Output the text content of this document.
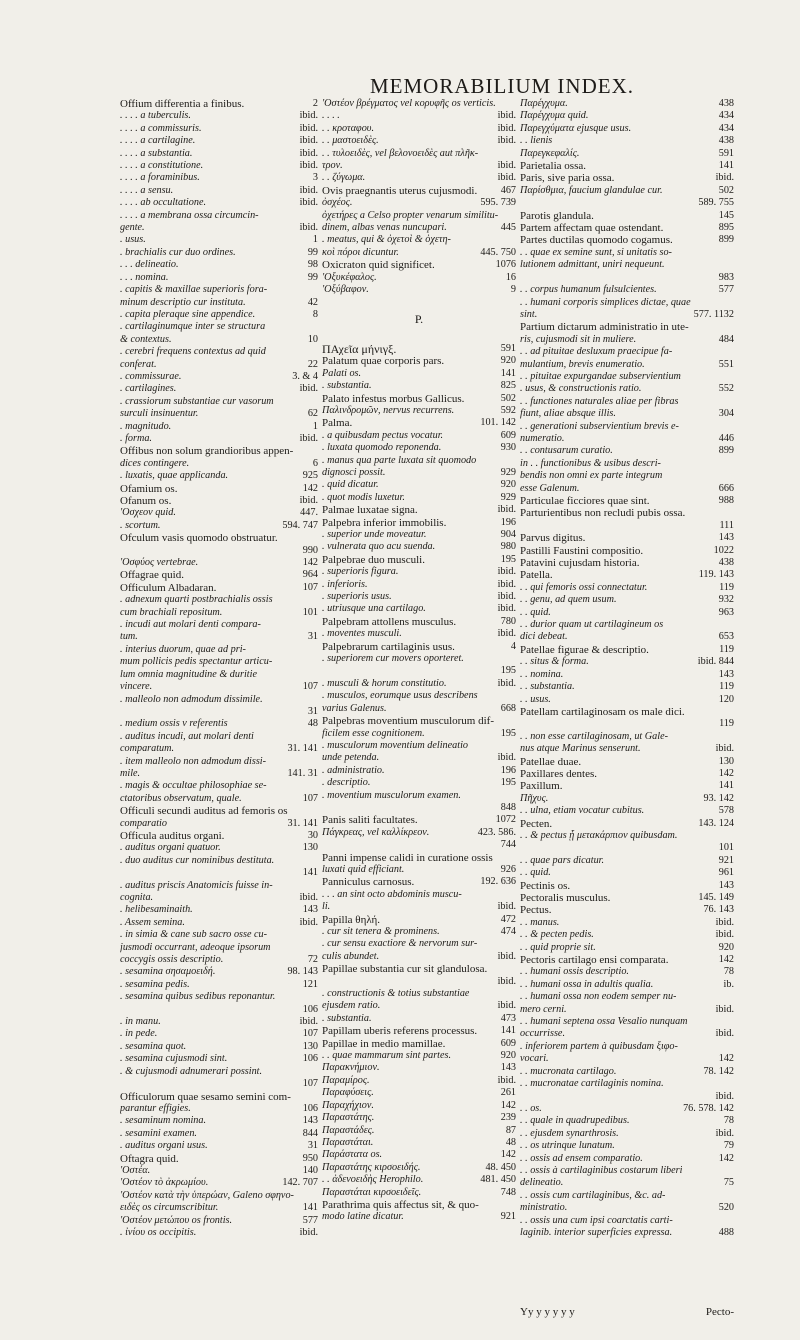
MEMORABILIUM INDEX.
Offium differentia a finibus.	2
. . . . a tuberculis.	ibid.
. . . . a commissuris.	ibid.
. . . . a cartilagine.	ibid.
. . . . a substantia.	ibid.
. . . . a constitutione.	ibid.
. . . . a foraminibus.	3
. . . . a sensu.	ibid.
. . . . ab occultatione.	ibid.
. . . . a membrana ossa circumcin-
gente.	ibid.
. usus.	1
. brachialis cur duo ordines.	99
. . . delineatio.	98
. . . nomina.	99
. capitis & maxillae superioris fora-
minum descriptio cur instituta.	42
. capita pleraque sine appendice.	8
. cartilaginumque inter se structura
& contextus.	10
. cerebri frequens contextus ad quid
conferat.	22
. commissurae.	3. & 4
. cartilagines.	ibid.
. crassiorum substantiae cur vasorum
surculi insinuentur.	62
. magnitudo.	1
. forma.	ibid.
Offibus non solum grandioribus appen-
dices contingere.	6
. luxatis, quae applicanda.	925
Ofamium os.	142
Ofanum os.	ibid.
'Οσχεον quid.	447.
. scortum.	594. 747
Ofculum vasis quomodo obstruatur.
990
'Οσφύος vertebrae.	142
Offagrae quid.	964
Officulum Albadaran.	107
. adnexum quarti postbrachialis ossis
cum brachiali repositum.	101
. incudi aut molari denti compara-
tum.	31
. interius duorum, quae ad pri-
mum pollicis pedis spectantur articu-
lum omnia magnitudine & duritie
vincere.	107
. malleolo non admodum dissimile.
31
. medium ossis v referentis	48
. auditus incudi, aut molari denti
comparatum.	31. 141
. item malleolo non admodum dissi-
mile.	141. 31
. magis & occultae philosophiae se-
ctatoribus observatum, quale.	107
Officuli secundi auditus ad femoris os
comparatio	31. 141
Officula auditus organi.	30
. auditus organi quatuor.	130
. duo auditus cur nominibus destituta.
141
. auditus priscis Anatomicis fuisse in-
cognita.	ibid.
. helibesaminaith.	143
. Assem semina.	ibid.
. in simia & cane sub sacro osse cu-
jusmodi occurrant, adeoque ipsorum
coccygis ossis descriptio.	72
. sesamina σησαμοειδή.	98. 143
. sesamina pedis.	121
. sesamina quibus sedibus reponantur.
106
. in manu.	ibid.
. in pede.	107
. sesamina quot.	130
. sesamina cujusmodi sint.	106
. & cujusmodi adnumerari possint.
107
Officulorum quae sesamo semini com-
parantur effigies.	106
. sesaminum nomina.	143
. sesamini examen.	844
. auditus organi usus.	31
Oftagra quid.	950
'Οστέα.	140
'Οστέον τὸ ἀκρωμίου.	142. 707
'Οστέον κατὰ τὴν ὑπερώαν, Galeno σφηνο-
ειδὲς os circumscribitur.	141
'Οστέον μετώπου os frontis.	577
. ἰνίου os occipitis.	ibid.
'Οστέον βρέγματος vel κορυφῆς os verticis.
. . . .	ibid.
. . κροταφου.	ibid.
. . μαστοειδὲς.	ibid.
. . τυλοειδὲς, vel βελονοειδὲς aut πλῆκ-
τρον.	ibid.
. . ζύγωμα.	ibid.
Ovis praegnantis uterus cujusmodi.	467
ὀσχέος.	595. 739
ὀχετήρες a Celso propter venarum similitu-
dinem, albas venas nuncupari.	445
. meatus, qui & ὀχετοὶ & ὀχετη-
κοὶ πόροι dicuntur.	445. 750
Oxicraton quid significet.	1076
'Οξυκέφαλος.	16
'Οξύβαφον.	9
P.
ΠΑχεῖα μήνιγξ.	591
Palatum quae corporis pars.	920
Palati os.	141
. substantia.	825
Palato infestus morbus Gallicus.	502
Παλινδρομῶν, nervus recurrens.	592
Palma.	101. 142
. a quibusdam pectus vocatur.	609
. luxata quomodo reponenda.	930
. manus qua parte luxata sit quomodo
dignosci possit.	929
. quid dicatur.	920
. quot modis luxetur.	929
Palmae luxatae signa.	ibid.
Palpebra inferior immobilis.	196
. superior unde moveatur.	904
. vulnerata quo acu suenda.	980
Palpebrae duo musculi.	195
. superioris figura.	ibid.
. inferioris.	ibid.
. superioris usus.	ibid.
. utriusque una cartilago.	ibid.
Palpebram attollens musculus.	780
. moventes musculi.	ibid.
Palpebrarum cartilaginis usus.	4
. superiorem cur movers oporteret.
195
. musculi & horum constitutio.	ibid.
. musculos, eorumque usus describens
varius Galenus.	668
Palpebras moventium musculorum dif-
ficilem esse cognitionem.	195
. musculorum moventium delineatio
unde petenda.	ibid.
. administratio.	196
. descriptio.	195
. moventium musculorum examen.
848
Panis saliti facultates.	1072
Πάγκρεας, vel καλλίκρεον.	423. 586.
744
Panni impense calidi in curatione ossis
luxati quid efficiant.	926
Panniculus carnosus.	192. 636
. . . an sint octo abdominis muscu-
li.	ibid.
Papilla θηλή.	472
. cur sit tenera & prominens.	474
. cur sensu exactiore & nervorum sur-
culis abundet.	ibid.
Papillae substantia cur sit glandulosa.
ibid.
. constructionis & totius substantiae
ejusdem ratio.	ibid.
. substantia.	473
Papillam uberis referens processus.	141
Papillae in medio mamillae.	609
. . quae mammarum sint partes.	920
Παρακνήμιον.	143
Παραμίρος.	ibid.
Παραφύσεις.	261
Παραχήχιον.	142
Παραστάτης.	239
Παραστάδες.	87
Παραστάται.	48
Παράστατα os.	142
Παραστάτης κιρσοειδής.	48. 450
. . ἀδενοειδὴς Herophilo.	481. 450
Παραστάται κιρσοειδεῖς.	748
Parathrima quis affectus sit, & quo-
modo latine dicatur.	921
Παρέγχυμα.	438
Παρέγχυμα quid.	434
Παρεγχύματα ejusque usus.	434
. . lienis	438
Παρεγκεφαλίς.	591
Parietalia ossa.	141
Paris, sive paria ossa.	ibid.
Παρίσθμια, faucium glandulae cur.	502
589. 755
Parotis glandula.	145
Partem affectam quae ostendant.	895
Partes ductilas quomodo cogamus.	899
. . quae ex semine sunt, si unitatis so-
lutionem admittant, uniri nequeunt.
983
. . corpus humanum fulsulcientes.	577
. . humani corporis simplices dictae, quae
sint.	577. 1132
Partium dictarum administratio in ute-
ris, cujusmodi sit in muliere.	484
. . ad pituitae desluxum praecipue fa-
mulantium, brevis enumeratio.	551
. . pituitae expurgandae subservientium
. usus, & constructionis ratio.	552
. . functiones naturales aliae per fibras
fiunt, aliae absque illis.	304
. . generationi subservientium brevis e-
numeratio.	446
. . contusarum curatio.	899
in . . functionibus & usibus descri-
bendis non omni ex parte integrum
esse Galenum.	666
Particulae ficciores quae sint.	988
Parturientibus non recludi pubis ossa.
111
Parvus digitus.	143
Pastilli Faustini compositio.	1022
Patavini cujusdam historia.	438
Patella.	119. 143
. . qui femoris ossi connectatur.	119
. . genu, ad quem usum.	932
. . quid.	963
. . durior quam ut cartilagineum os
dici debeat.	653
Patellae figurae & descriptio.	119
. . situs & forma.	ibid. 844
. . nomina.	143
. . substantia.	119
. . usus.	120
Patellam cartilaginosam os male dici.
119
. . non esse cartilaginosam, ut Gale-
nus atque Marinus senserunt.	ibid.
Patellae duae.	130
Paxillares dentes.	142
Paxillum.	141
Πῆχυς.	93. 142
. . ulna, etiam vocatur cubitus.	578
Pecten.	143. 124
. . & pectus ᾗ μετακάρπιον quibusdam.
101
. . quae pars dicatur.	921
. . quid.	961
Pectinis os.	143
Pectoralis musculus.	145. 149
Pectus.	76. 143
. . manus.	ibid.
. . & pecten pedis.	ibid.
. . quid proprie sit.	920
Pectoris cartilago ensi comparata.	142
. . humani ossis descriptio.	78
. . humani ossa in adultis qualia.	ib.
. . humani ossa non eodem semper nu-
mero cerni.	ibid.
. . humani septena ossa Vesalio nunquam
occurrisse.	ibid.
. inferiorem partem à quibusdam ξιφο-
vocari.	142
. . mucronata cartilago.	78. 142
. . mucronatae cartilaginis nomina.
ibid.
. . os.	76. 578. 142
. . quale in quadrupedibus.	78
. . ejusdem synarthrosis.	ibid.
. . os utrinque lunatum.	79
. . ossis ad ensem comparatio.	142
. . ossis à cartilaginibus costarum liberi
delineatio.	75
. . ossis cum cartilaginibus, &c. ad-
ministratio.	520
. . ossis una cum ipsi coarctatis carti-
laginib. interior superficies expressa.	488
Yy y y y y y	Pecto-
